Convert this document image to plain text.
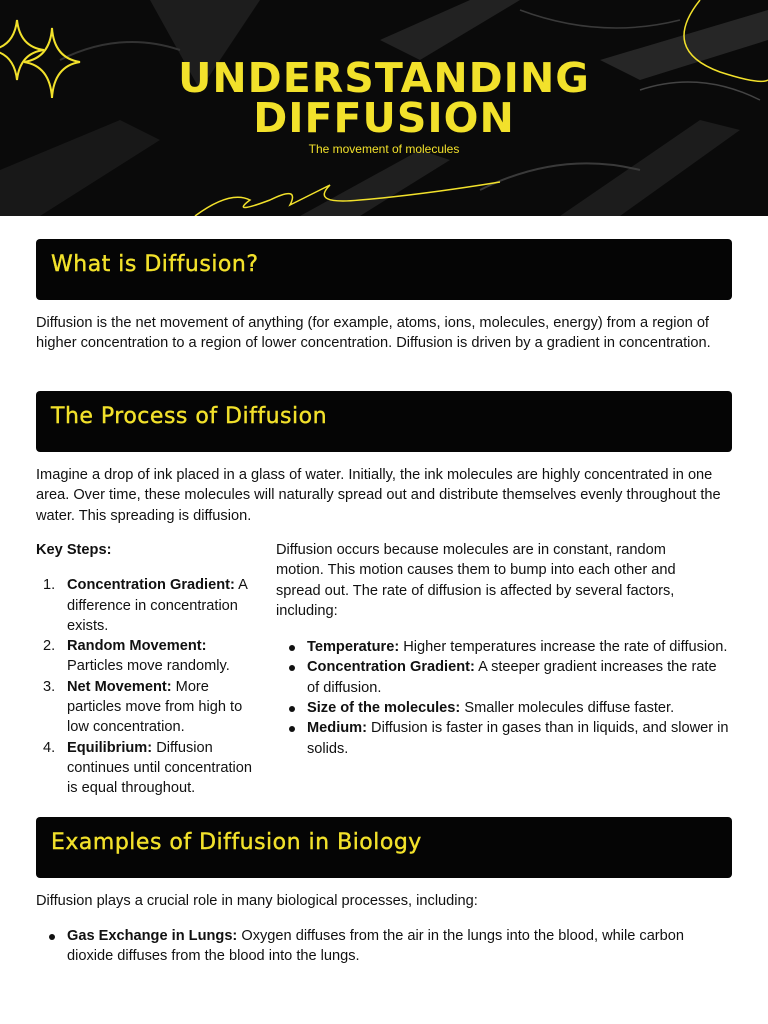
UNDERSTANDING
DIFFUSION
The movement of molecules
What is Diffusion?

Diffusion is the net movement of anything (for example, atoms, ions, molecules, energy) from a region of higher concentration to a region of lower concentration. Diffusion is driven by a gradient in concentration.

The Process of Diffusion

Imagine a drop of ink placed in a glass of water. Initially, the ink molecules are highly concentrated in one area. Over time, these molecules will naturally spread out and distribute themselves evenly throughout the water. This spreading is diffusion.

Key Steps:

1. Concentration Gradient: A difference in concentration exists.
2. Random Movement: Particles move randomly.
3. Net Movement: More particles move from high to low concentration.
4. Equilibrium: Diffusion continues until concentration is equal throughout.

Diffusion occurs because molecules are in constant, random motion. This motion causes them to bump into each other and spread out. The rate of diffusion is affected by several factors, including:

Temperature: Higher temperatures increase the rate of diffusion.
Concentration Gradient: A steeper gradient increases the rate of diffusion.
Size of the molecules: Smaller molecules diffuse faster.
Medium: Diffusion is faster in gases than in liquids, and slower in solids.
Examples of Diffusion in Biology

Diffusion plays a crucial role in many biological processes, including:

Gas Exchange in Lungs: Oxygen diffuses from the air in the lungs into the blood, while carbon dioxide diffuses from the blood into the lungs.
